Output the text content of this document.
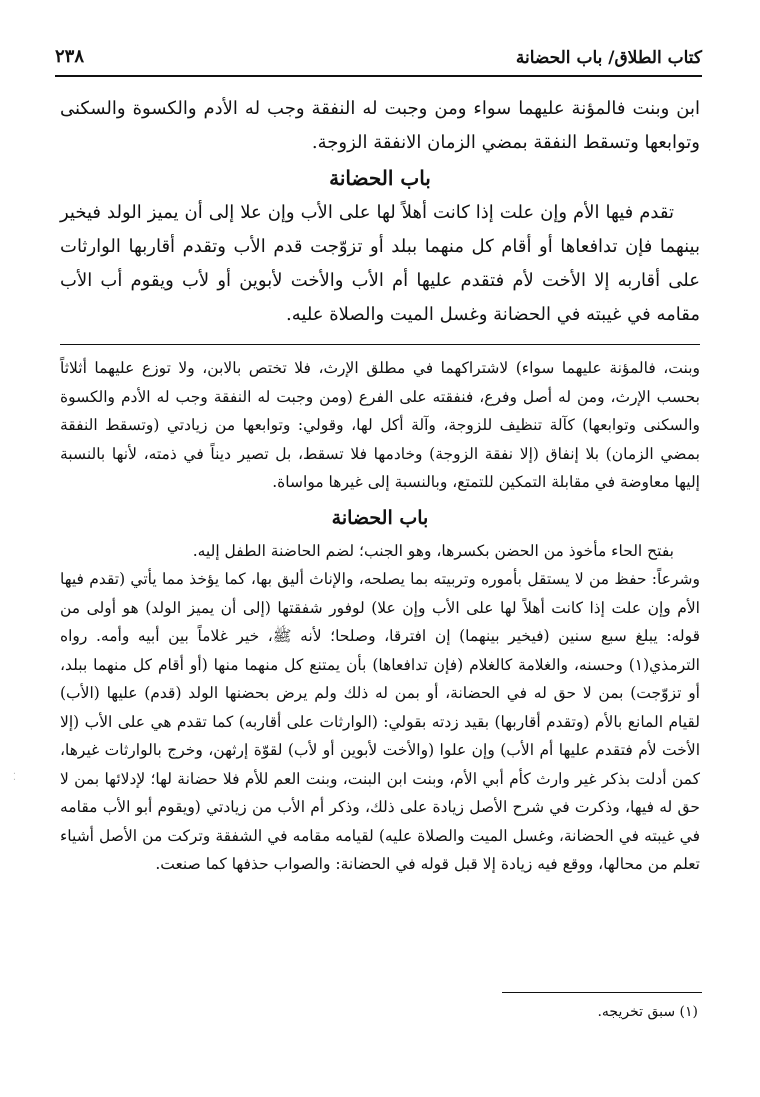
كتاب الطلاق/ باب الحضانة
٢٣٨

ابن وبنت فالمؤنة عليهما سواء ومن وجبت له النفقة وجب له الأدم والكسوة والسكنى وتوابعها وتسقط النفقة بمضي الزمان الانفقة الزوجة.

باب الحضانة

تقدم فيها الأم وإن علت إذا كانت أهلاً لها على الأب وإن علا إلى أن يميز الولد فيخير بينهما فإن تدافعاها أو أقام كل منهما ببلد أو تزوّجت قدم الأب وتقدم أقاربها الوارثات على أقاربه إلا الأخت لأم فتقدم عليها أم الأب والأخت لأبوين أو لأب ويقوم أب الأب مقامه في غيبته في الحضانة وغسل الميت والصلاة عليه.

وبنت، فالمؤنة عليهما سواء) لاشتراكهما في مطلق الإرث، فلا تختص بالابن، ولا توزع عليهما أثلاثاً بحسب الإرث، ومن له أصل وفرع، فنفقته على الفرع (ومن وجبت له النفقة وجب له الأدم والكسوة والسكنى وتوابعها) كآلة تنظيف للزوجة، وآلة أكل لها، وقولي: وتوابعها من زيادتي (وتسقط النفقة بمضي الزمان) بلا إنفاق (إلا نفقة الزوجة) وخادمها فلا تسقط، بل تصير ديناً في ذمته، لأنها بالنسبة إليها معاوضة في مقابلة التمكين للتمتع، وبالنسبة إلى غيرها مواساة.

باب الحضانة

بفتح الحاء مأخوذ من الحضن بكسرها، وهو الجنب؛ لضم الحاضنة الطفل إليه.

وشرعاً: حفظ من لا يستقل بأموره وتربيته بما يصلحه، والإناث أليق بها، كما يؤخذ مما يأتي (تقدم فيها الأم وإن علت إذا كانت أهلاً لها على الأب وإن علا) لوفور شفقتها (إلى أن يميز الولد) هو أولى من قوله: يبلغ سبع سنين (فيخير بينهما) إن افترقا، وصلحا؛ لأنه ﷺ، خير غلاماً بين أبيه وأمه. رواه الترمذي(١) وحسنه، والغلامة كالغلام (فإن تدافعاها) بأن يمتنع كل منهما منها (أو أقام كل منهما ببلد، أو تزوّجت) بمن لا حق له في الحضانة، أو بمن له ذلك ولم يرض بحضنها الولد (قدم) عليها (الأب) لقيام المانع بالأم (وتقدم أقاربها) بقيد زدته بقولي: (الوارثات على أقاربه) كما تقدم هي على الأب (إلا الأخت لأم فتقدم عليها أم الأب) وإن علوا (والأخت لأبوين أو لأب) لقوّة إرثهن، وخرج بالوارثات غيرها، كمن أدلت بذكر غير وارث كأم أبي الأم، وبنت ابن البنت، وبنت العم للأم فلا حضانة لها؛ لإدلائها بمن لا حق له فيها، وذكرت في شرح الأصل زيادة على ذلك، وذكر أم الأب من زيادتي (ويقوم أبو الأب مقامه في غيبته في الحضانة، وغسل الميت والصلاة عليه) لقيامه مقامه في الشفقة وتركت من الأصل أشياء تعلم من محالها، ووقع فيه زيادة إلا قبل قوله في الحضانة: والصواب حذفها كما صنعت.

(١) سبق تخريجه.
⁚
